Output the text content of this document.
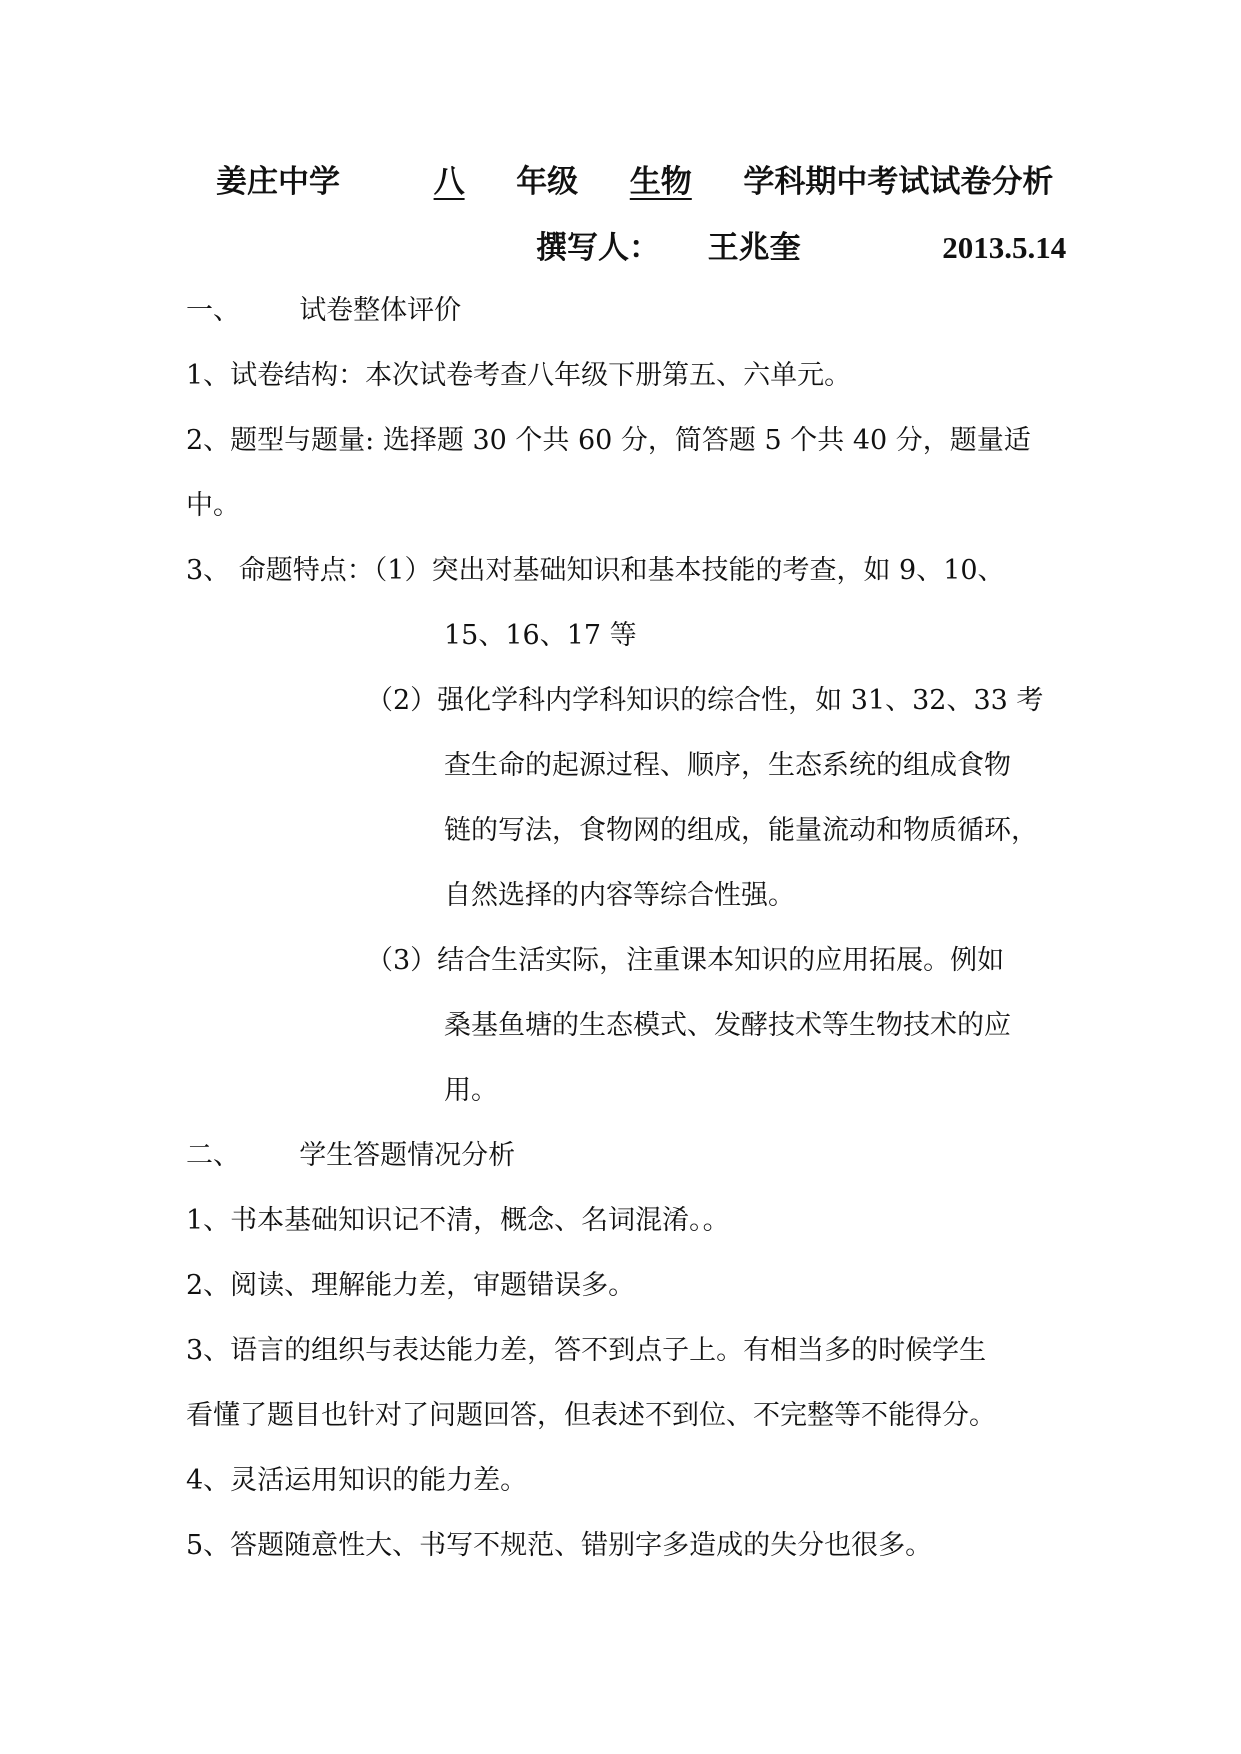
姜庄中学	八 年级 生物 学科期中考试试卷分析
撰写人： 王兆奎	2013.5.14
一、 试卷整体评价
1、试卷结构：本次试卷考查八年级下册第五、六单元。
2、题型与题量: 选择题 30 个共 60 分，简答题 5 个共 40 分，题量适
中。
3、 命题特点：（1）突出对基础知识和基本技能的考查，如 9、10、
15、16、17 等
（2）强化学科内学科知识的综合性，如 31、32、33 考
查生命的起源过程、顺序，生态系统的组成食物
链的写法，食物网的组成，能量流动和物质循环，
自然选择的内容等综合性强。
（3）结合生活实际，注重课本知识的应用拓展。例如
桑基鱼塘的生态模式、发酵技术等生物技术的应
用。
二、 学生答题情况分析
1、书本基础知识记不清，概念、名词混淆。。
2、阅读、理解能力差，审题错误多。
3、语言的组织与表达能力差，答不到点子上。有相当多的时候学生
看懂了题目也针对了问题回答，但表述不到位、不完整等不能得分。
4、灵活运用知识的能力差。
5、答题随意性大、书写不规范、错别字多造成的失分也很多。
